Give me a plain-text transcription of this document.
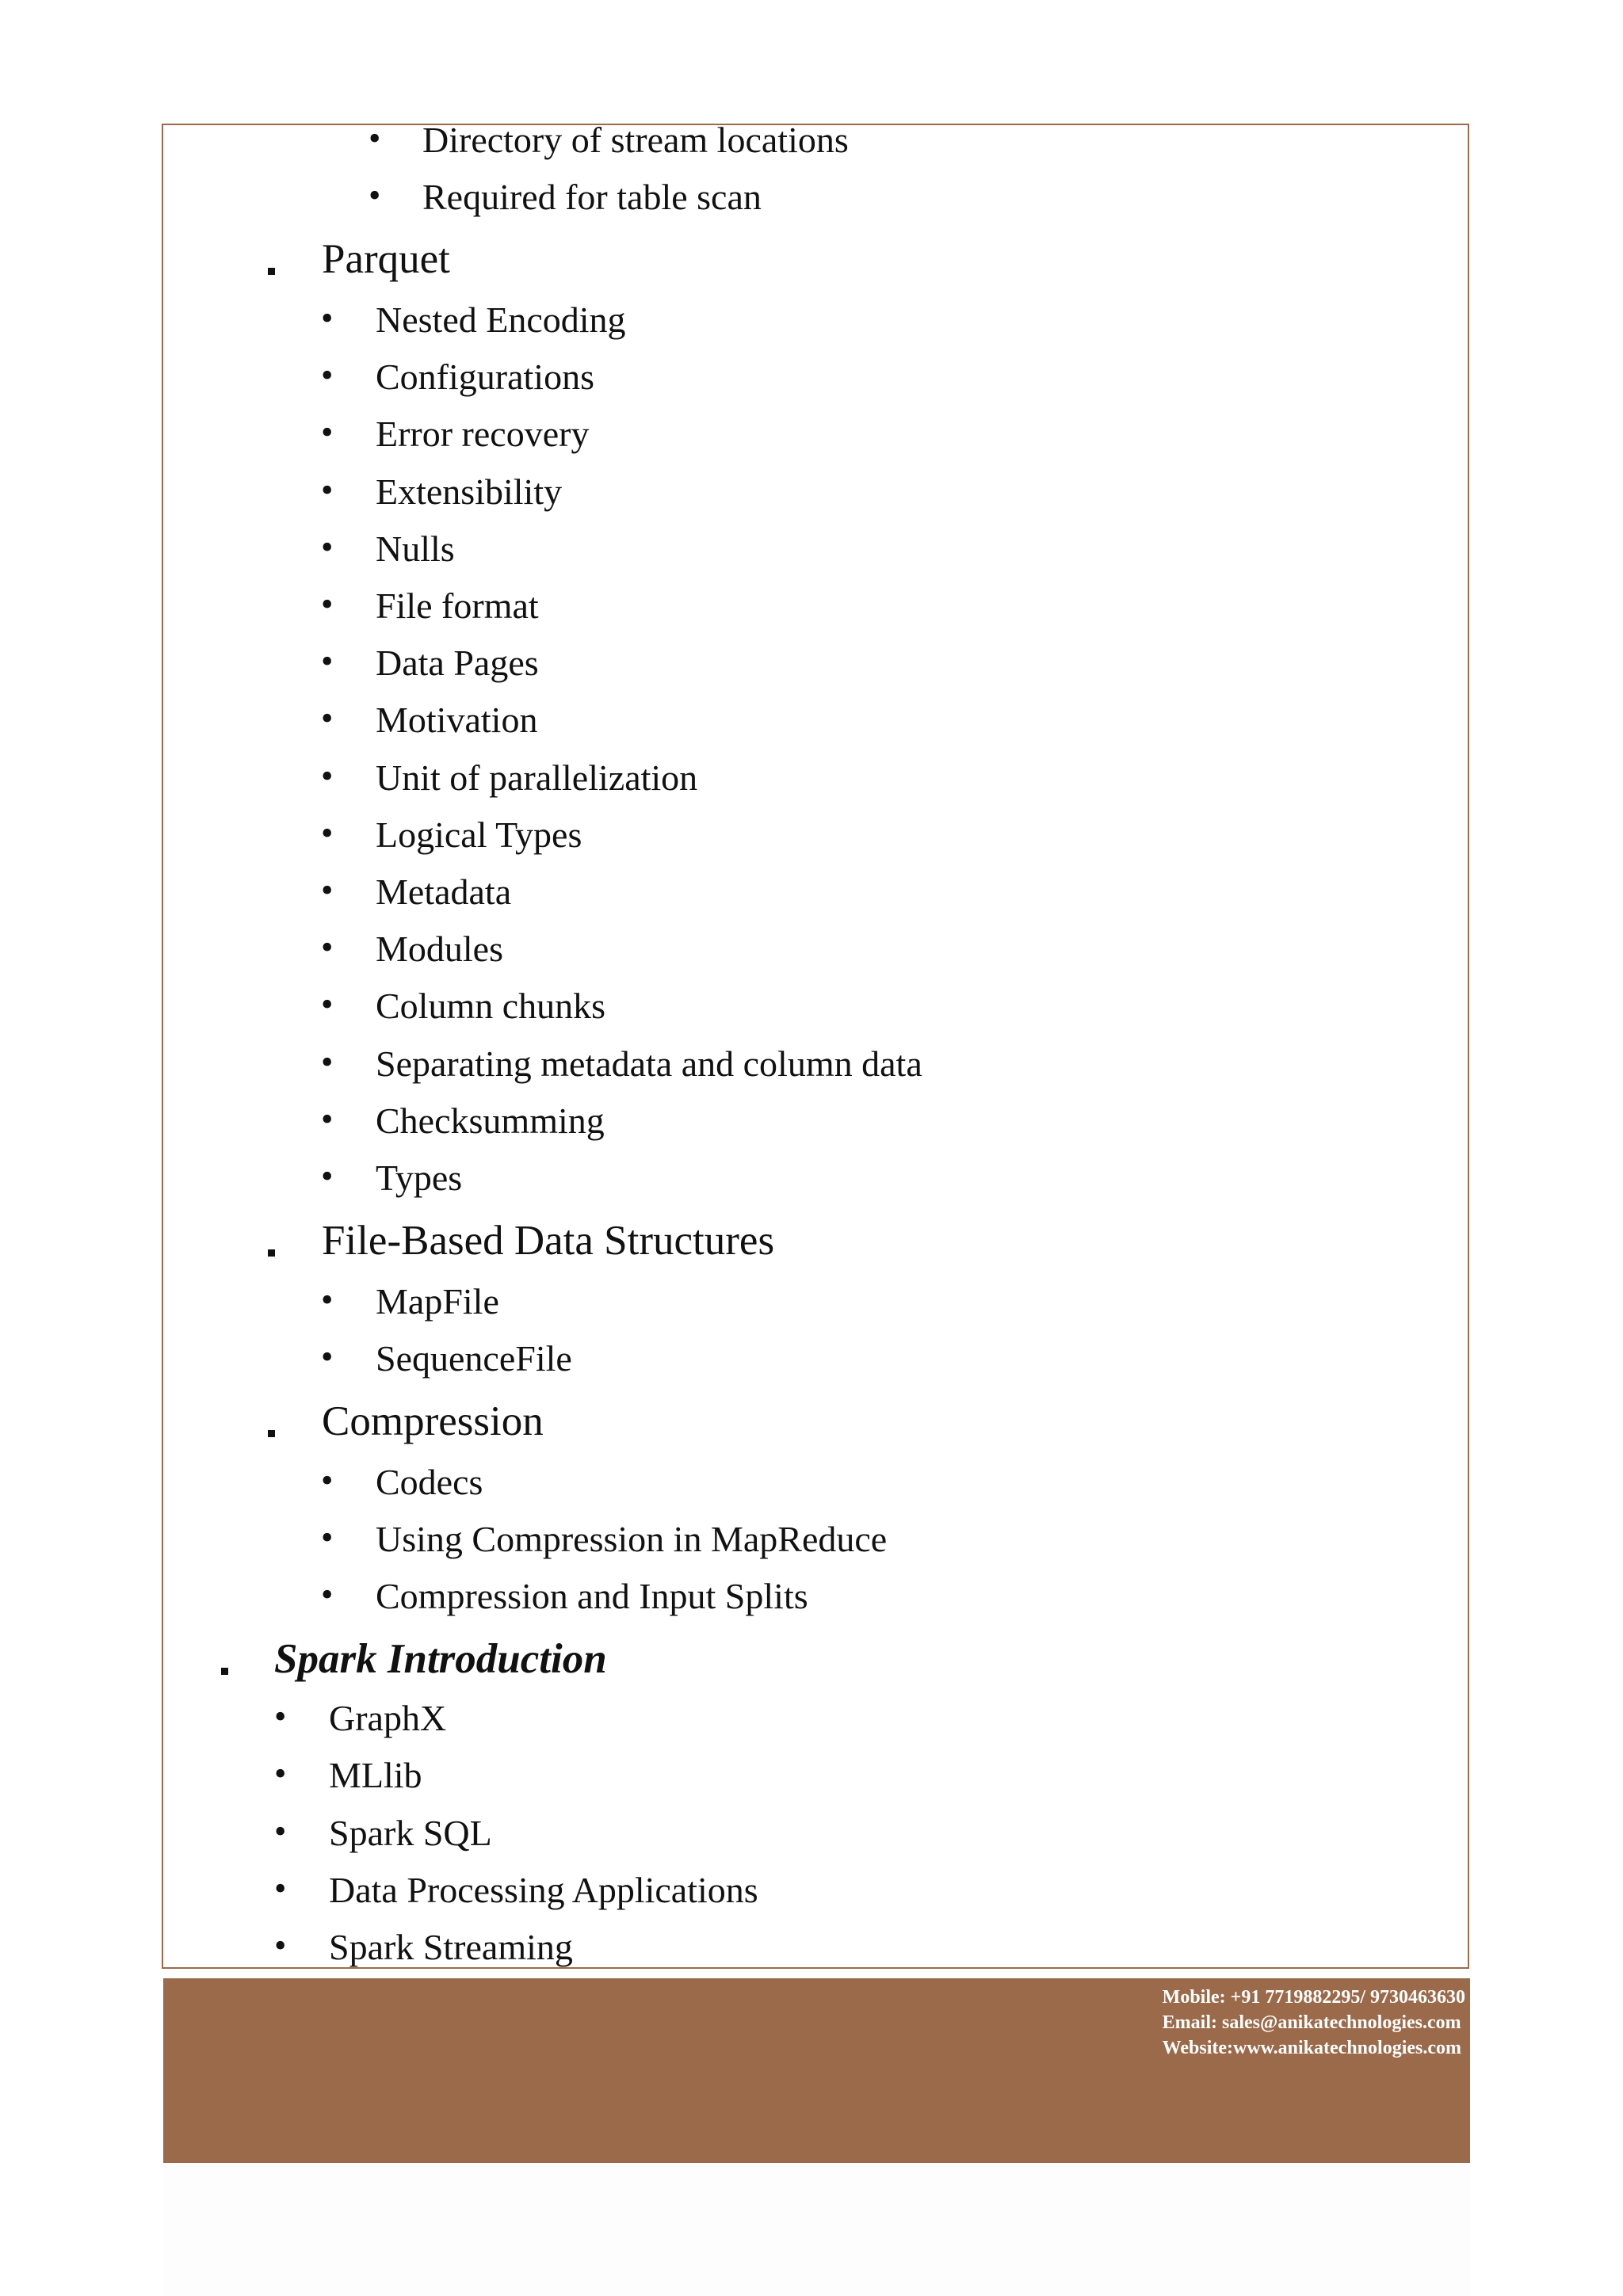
• Directory of stream locations
• Required for table scan
Parquet
• Nested Encoding
• Configurations
• Error recovery
• Extensibility
• Nulls
• File format
• Data Pages
• Motivation
• Unit of parallelization
• Logical Types
• Metadata
• Modules
• Column chunks
• Separating metadata and column data
• Checksumming
• Types
File-Based Data Structures
• MapFile
• SequenceFile
Compression
• Codecs
• Using Compression in MapReduce
• Compression and Input Splits
Spark Introduction
• GraphX
• MLlib
• Spark SQL
• Data Processing Applications
• Spark Streaming
Mobile: +91 7719882295/ 9730463630
Email: sales@anikatechnologies.com
Website:www.anikatechnologies.com
